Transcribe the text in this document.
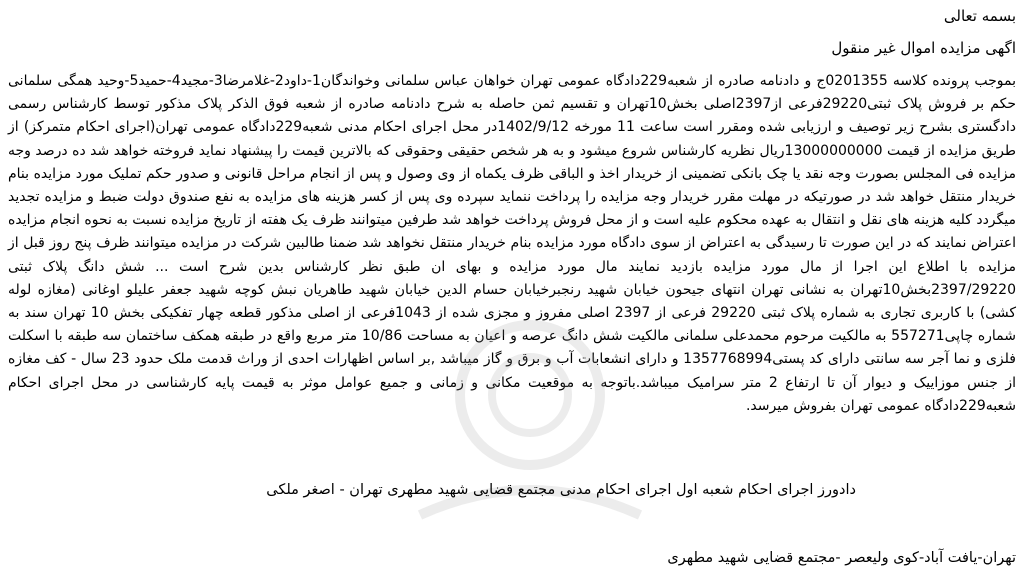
بسمه تعالی
اگهی مزایده اموال غیر منقول
بموجب پرونده کلاسه 0201355ج و دادنامه صادره از شعبه229دادگاه عمومی تهران خواهان عباس سلمانی وخواندگان1-داود2-غلامرضا3-مجید4-حمید5-وحید همگی سلمانی حکم بر فروش پلاک ثبتی29220فرعی از2397اصلی بخش10تهران و تقسیم ثمن حاصله به شرح دادنامه صادره از شعبه فوق الذکر پلاک مذکور توسط کارشناس رسمی دادگستری بشرح زیر توصیف و ارزیابی شده ومقرر است ساعت 11 مورخه 1402/9/12در محل اجرای احکام مدنی شعبه229دادگاه عمومی تهران(اجرای احکام متمرکز) از طریق مزایده از قیمت 13000000000ریال نظریه کارشناس شروع میشود و به هر شخص حقیقی وحقوقی که بالاترین قیمت را پیشنهاد نماید فروخته خواهد شد ده درصد وجه مزایده فی المجلس بصورت وجه نقد یا چک بانکی تضمینی از خریدار اخذ و الباقی ظرف یکماه از وی وصول و پس از انجام مراحل قانونی و صدور حکم تملیک مورد مزایده بنام خریدار منتقل خواهد شد در صورتیکه در مهلت مقرر خریدار وجه مزایده را پرداخت ننماید سپرده وی پس از کسر هزینه های مزایده به نفع صندوق دولت ضبط و مزایده تجدید میگردد کلیه هزینه های نقل و انتقال به عهده محکوم علیه است و از محل فروش پرداخت خواهد شد طرفین میتوانند ظرف یک هفته از تاریخ مزایده نسبت به نحوه انجام مزایده اعتراض نمایند که در این صورت تا رسیدگی به اعتراض از سوی دادگاه مورد مزایده بنام خریدار منتقل نخواهد شد ضمنا طالبین شرکت در مزایده میتوانند ظرف پنج روز قبل از مزایده با اطلاع این اجرا از مال مورد مزایده بازدید نمایند مال مورد مزایده و بهای ان طبق نظر کارشناس بدین شرح است ... شش دانگ پلاک ثبتی 2397/29220بخش10تهران به نشانی تهران انتهای جیحون خیابان شهید رنجبرخیابان حسام الدین خیابان شهید طاهریان نبش کوچه شهید جعفر علیلو اوغانی (مغازه لوله کشی) با کاربری تجاری به شماره پلاک ثبتی 29220 فرعی از 2397 اصلی مفروز و مجزی شده از 1043فرعی از اصلی مذکور قطعه چهار تفکیکی بخش 10 تهران سند به شماره چاپی557271 به مالکیت مرحوم محمدعلی سلمانی مالکیت شش دانگ عرصه و اعیان به مساحت 10/86 متر مربع واقع در طبقه همکف ساختمان سه طبقه با اسکلت فلزی و نما آجر سه سانتی دارای کد پستی1357768994 و دارای انشعابات آب و برق و گاز میباشد ,بر اساس اظهارات احدی از وراث قدمت ملک حدود 23 سال - کف مغازه از جنس موزاییک و دیوار آن تا ارتفاع 2 متر سرامیک میباشد.باتوجه به موقعیت مکانی و زمانی و جمیع عوامل موثر به قیمت پایه کارشناسی در محل اجرای احکام شعبه229دادگاه عمومی تهران بفروش میرسد.
دادورز اجرای احکام شعبه اول اجرای احکام مدنی مجتمع قضایی شهید مطهری تهران - اصغر ملکی
تهران-یافت آباد-کوی ولیعصر -مجتمع قضایی شهید مطهری
